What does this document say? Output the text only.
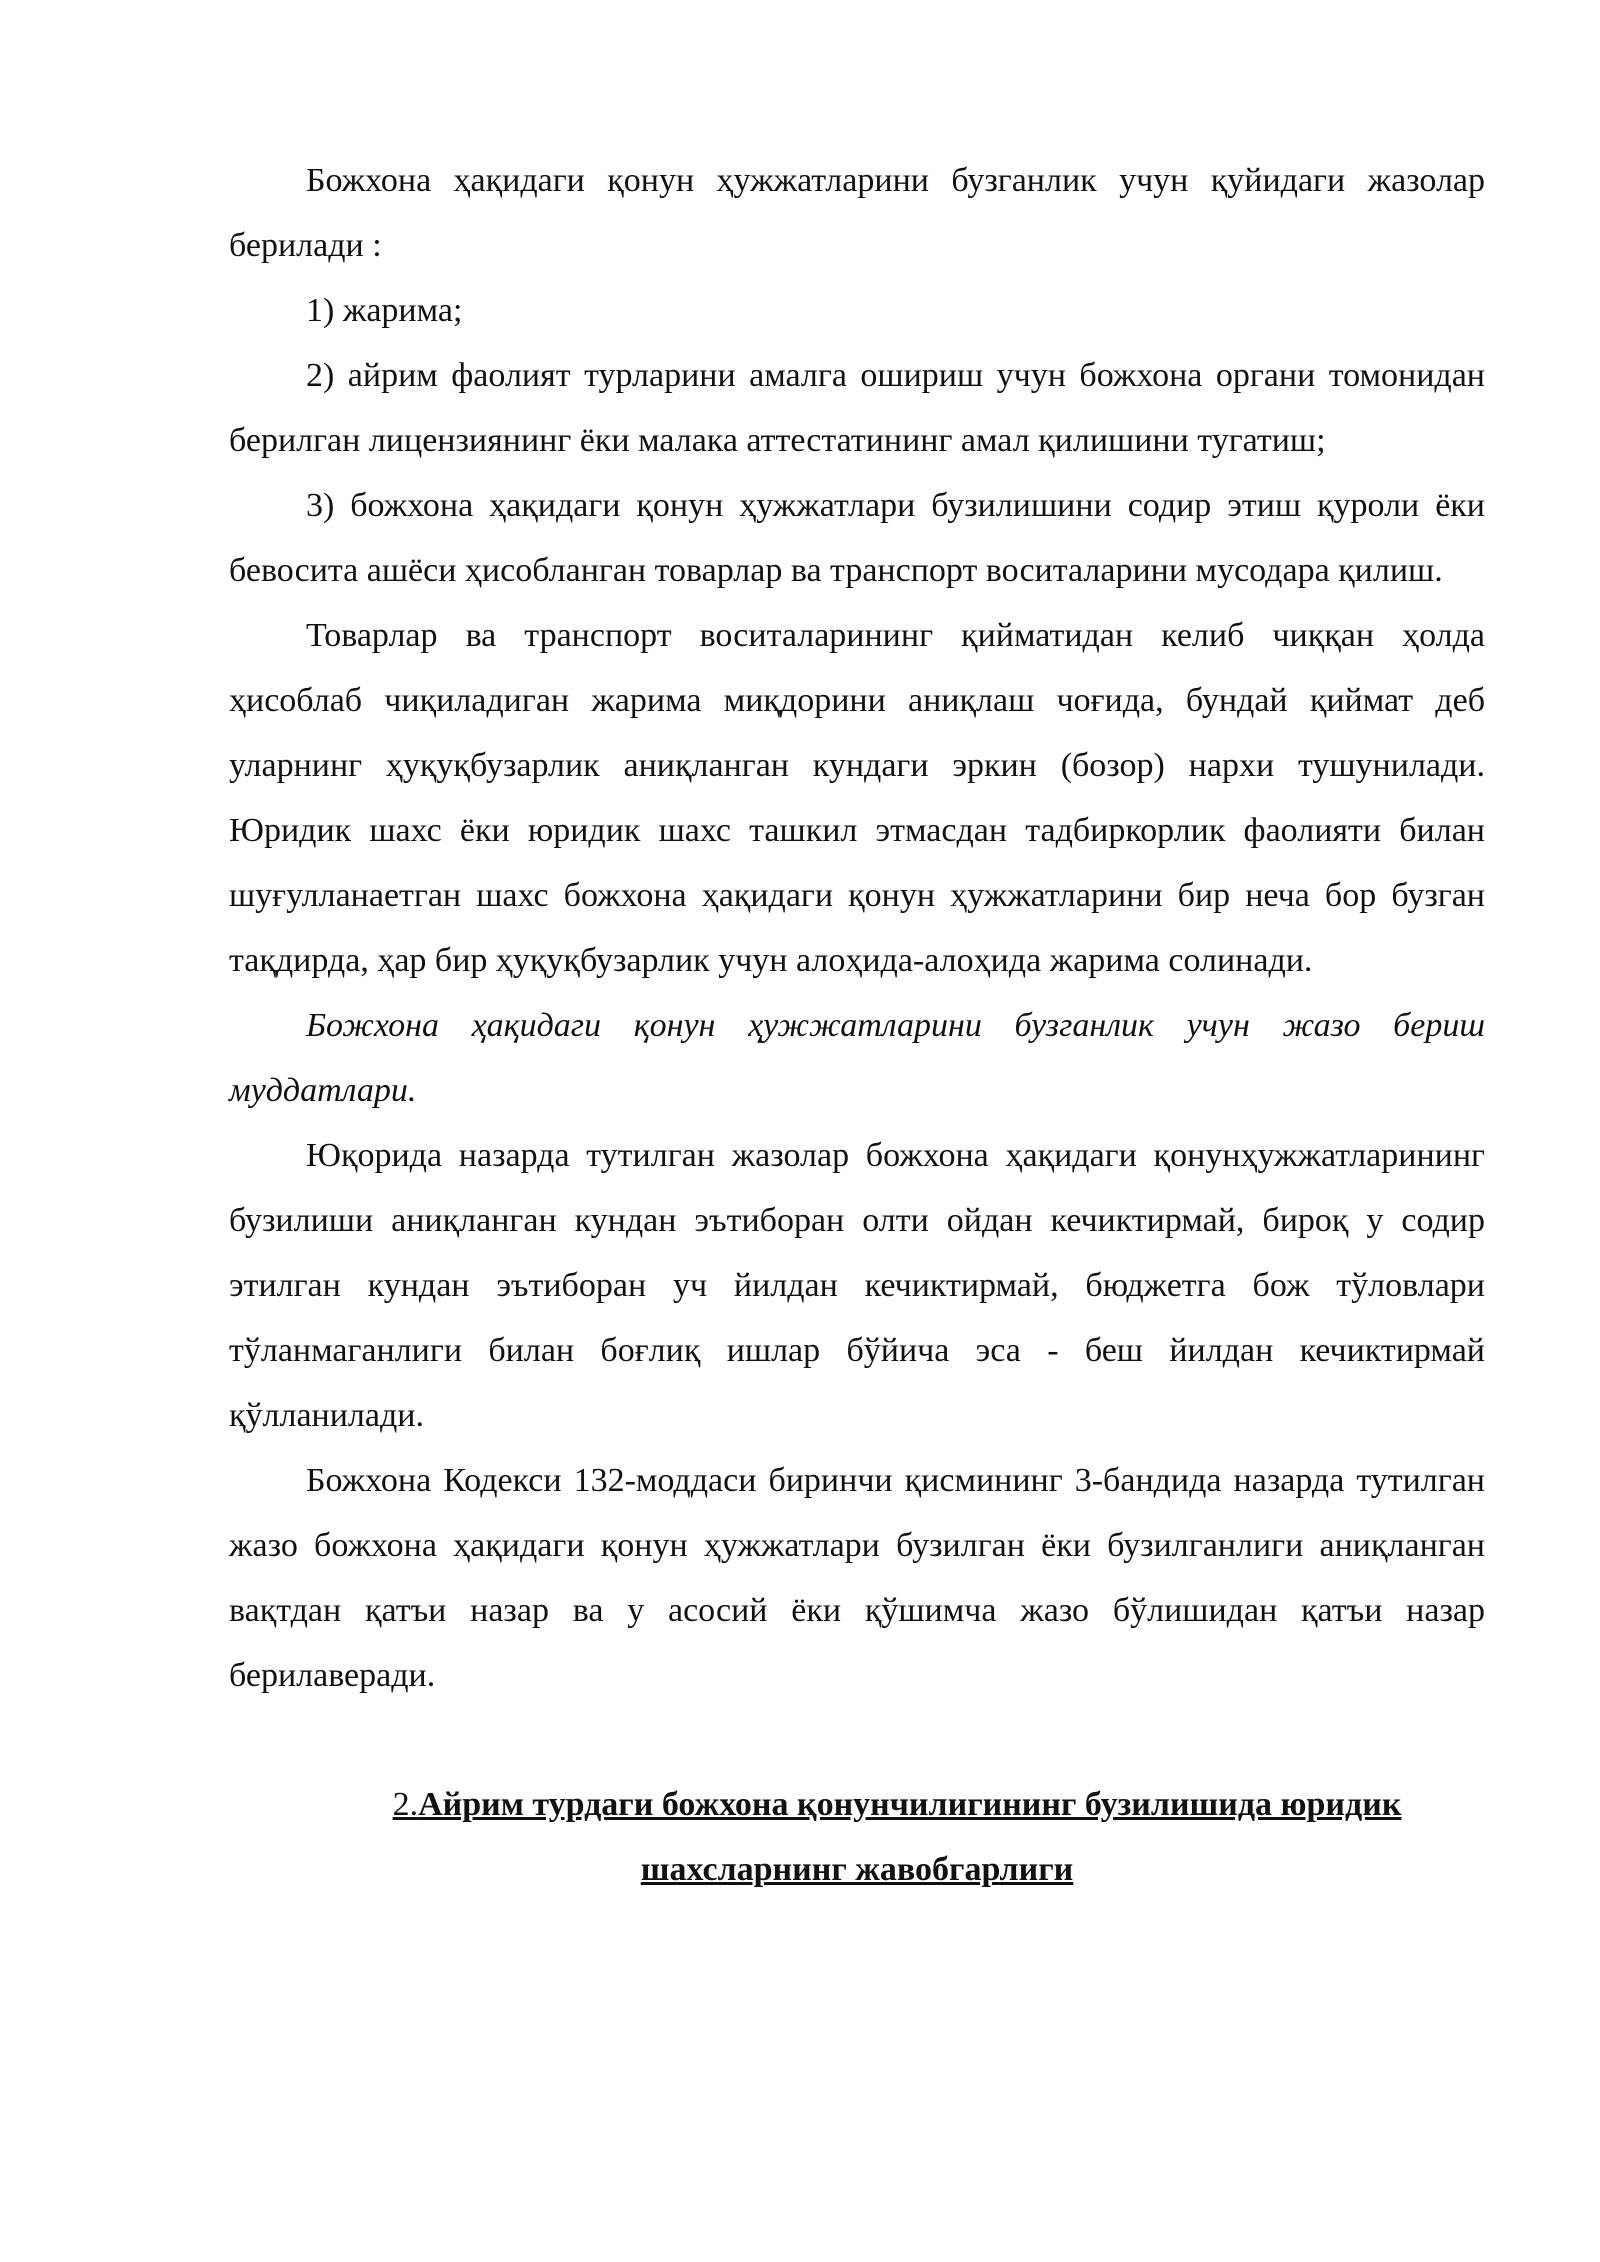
Божхона ҳақидаги қонун ҳужжатларини бузганлик учун қуйидаги жазолар берилади :

1) жарима;

2) айрим фаолият турларини амалга ошириш учун божхона органи томонидан берилган лицензиянинг ёки малака аттестатининг амал қилишини тугатиш;

3) божхона ҳақидаги қонун ҳужжатлари бузилишини содир этиш қуроли ёки бевосита ашёси ҳисобланган товарлар ва транспорт воситаларини мусодара қилиш.

Товарлар ва транспорт воситаларининг қийматидан келиб чиққан ҳолда ҳисоблаб чиқиладиган жарима миқдорини аниқлаш чоғида, бундай қиймат деб уларнинг ҳуқуқбузарлик аниқланган кундаги эркин (бозор) нархи тушунилади. Юридик шахс ёки юридик шахс ташкил этмасдан тадбиркорлик фаолияти билан шуғулланаетган шахс божхона ҳақидаги қонун ҳужжатларини бир неча бор бузган тақдирда, ҳар бир ҳуқуқбузарлик учун алоҳида-алоҳида жарима солинади.

Божхона ҳақидаги қонун ҳужжатларини бузганлик учун жазо бериш муддатлари.

Юқорида назарда тутилган жазолар божхона ҳақидаги қонунҳужжатларининг бузилиши аниқланган кундан эътиборан олти ойдан кечиктирмай, бироқ у содир этилган кундан эътиборан уч йилдан кечиктирмай, бюджетга бож тўловлари тўланмаганлиги билан боғлиқ ишлар бўйича эса - беш йилдан кечиктирмай қўлланилади.

Божхона Кодекси 132-моддаси биринчи қисмининг 3-бандида назарда тутилган жазо божхона ҳақидаги қонун ҳужжатлари бузилган ёки бузилганлиги аниқланган вақтдан қатъи назар ва у асосий ёки қўшимча жазо бўлишидан қатъи назар берилаверади.

2.Айрим турдаги божхона қонунчилигининг бузилишида юридик
шахсларнинг жавобгарлиги
